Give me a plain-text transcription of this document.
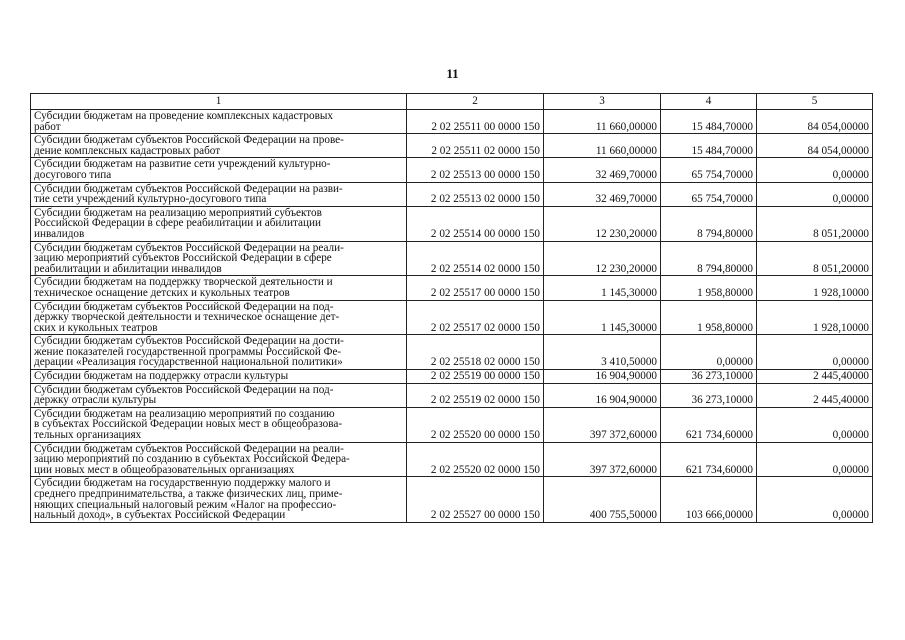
11
1	2	3	4	5

Субсидии бюджетам на проведение комплексных кадастровых
работ	2 02 25511 00 0000 150	11 660,00000	15 484,70000	84 054,00000

Субсидии бюджетам субъектов Российской Федерации на прове-
дение комплексных кадастровых работ	2 02 25511 02 0000 150	11 660,00000	15 484,70000	84 054,00000

Субсидии бюджетам на развитие сети учреждений культурно-
досугового типа	2 02 25513 00 0000 150	32 469,70000	65 754,70000	0,00000

Субсидии бюджетам субъектов Российской Федерации на разви-
тие сети учреждений культурно-досугового типа	2 02 25513 02 0000 150	32 469,70000	65 754,70000	0,00000

Субсидии бюджетам на реализацию мероприятий субъектов
Российской Федерации в сфере реабилитации и абилитации
инвалидов	2 02 25514 00 0000 150	12 230,20000	8 794,80000	8 051,20000

Субсидии бюджетам субъектов Российской Федерации на реали-
зацию мероприятий субъектов Российской Федерации в сфере
реабилитации и абилитации инвалидов	2 02 25514 02 0000 150	12 230,20000	8 794,80000	8 051,20000

Субсидии бюджетам на поддержку творческой деятельности и
техническое оснащение детских и кукольных театров	2 02 25517 00 0000 150	1 145,30000	1 958,80000	1 928,10000

Субсидии бюджетам субъектов Российской Федерации на под-
держку творческой деятельности и техническое оснащение дет-
ских и кукольных театров	2 02 25517 02 0000 150	1 145,30000	1 958,80000	1 928,10000

Субсидии бюджетам субъектов Российской Федерации на дости-
жение показателей государственной программы Российской Фе-
дерации «Реализация государственной национальной политики»	2 02 25518 02 0000 150	3 410,50000	0,00000	0,00000

Субсидии бюджетам на поддержку отрасли культуры	2 02 25519 00 0000 150	16 904,90000	36 273,10000	2 445,40000

Субсидии бюджетам субъектов Российской Федерации на под-
держку отрасли культуры	2 02 25519 02 0000 150	16 904,90000	36 273,10000	2 445,40000

Субсидии бюджетам на реализацию мероприятий по созданию
в субъектах Российской Федерации новых мест в общеобразова-
тельных организациях	2 02 25520 00 0000 150	397 372,60000	621 734,60000	0,00000

Субсидии бюджетам субъектов Российской Федерации на реали-
зацию мероприятий по созданию в субъектах Российской Федера-
ции новых мест в общеобразовательных организациях	2 02 25520 02 0000 150	397 372,60000	621 734,60000	0,00000

Субсидии бюджетам на государственную поддержку малого и
среднего предпринимательства, а также физических лиц, приме-
няющих специальный налоговый режим «Налог на профессио-
нальный доход», в субъектах Российской Федерации	2 02 25527 00 0000 150	400 755,50000	103 666,00000	0,00000
